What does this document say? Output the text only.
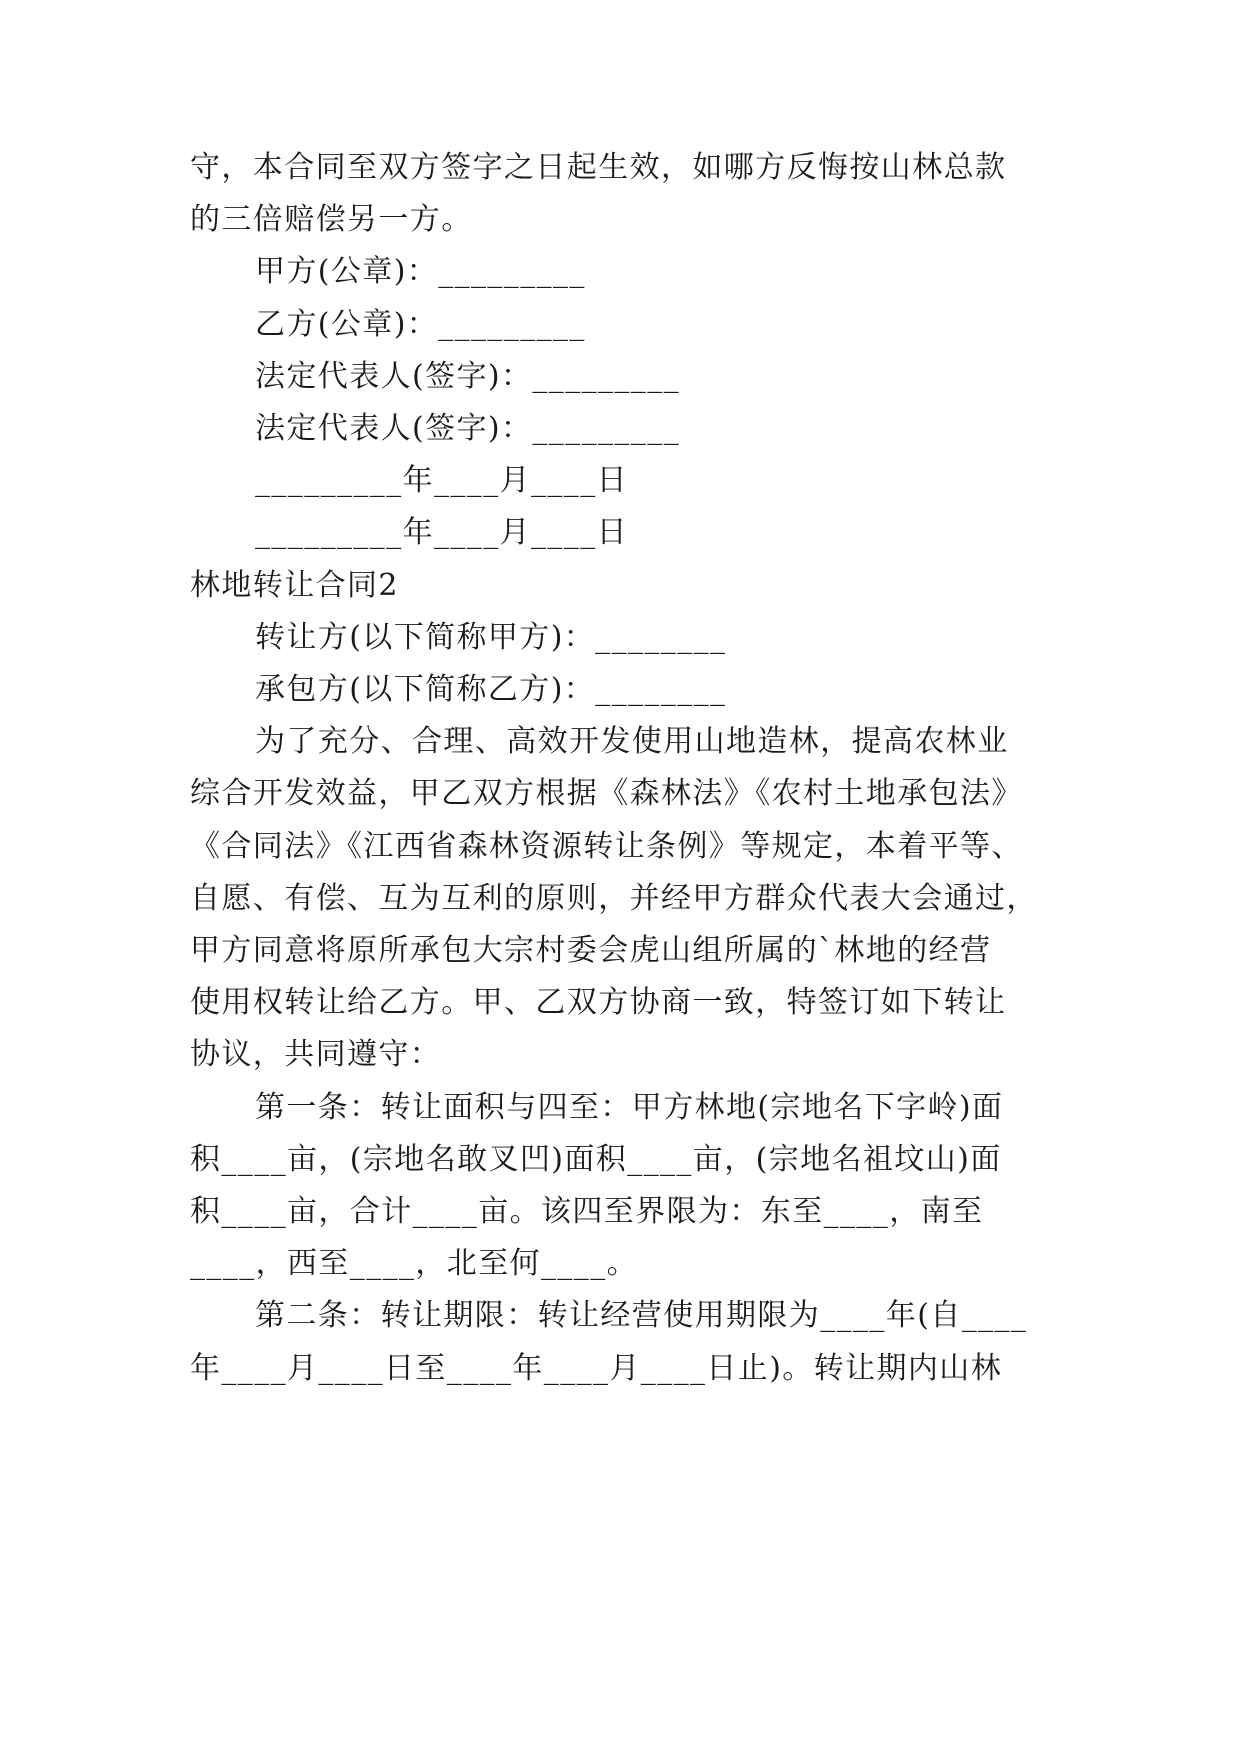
守，本合同至双方签字之日起生效，如哪方反悔按山林总款
的三倍赔偿另一方。
甲方(公章)：_________
乙方(公章)：_________
法定代表人(签字)：_________
法定代表人(签字)：_________
_________年____月____日
_________年____月____日
林地转让合同2
转让方(以下简称甲方)：________
承包方(以下简称乙方)：________
为了充分、合理、高效开发使用山地造林，提高农林业
综合开发效益，甲乙双方根据《森林法》《农村土地承包法》
《合同法》《江西省森林资源转让条例》等规定，本着平等、
自愿、有偿、互为互利的原则，并经甲方群众代表大会通过，
甲方同意将原所承包大宗村委会虎山组所属的`林地的经营
使用权转让给乙方。甲、乙双方协商一致，特签订如下转让
协议，共同遵守：
第一条：转让面积与四至：甲方林地(宗地名下字岭)面
积____亩，(宗地名敢叉凹)面积____亩，(宗地名祖坟山)面
积____亩，合计____亩。该四至界限为：东至____，南至
____，西至____，北至何____。
第二条：转让期限：转让经营使用期限为____年(自____
年____月____日至____年____月____日止)。转让期内山林
